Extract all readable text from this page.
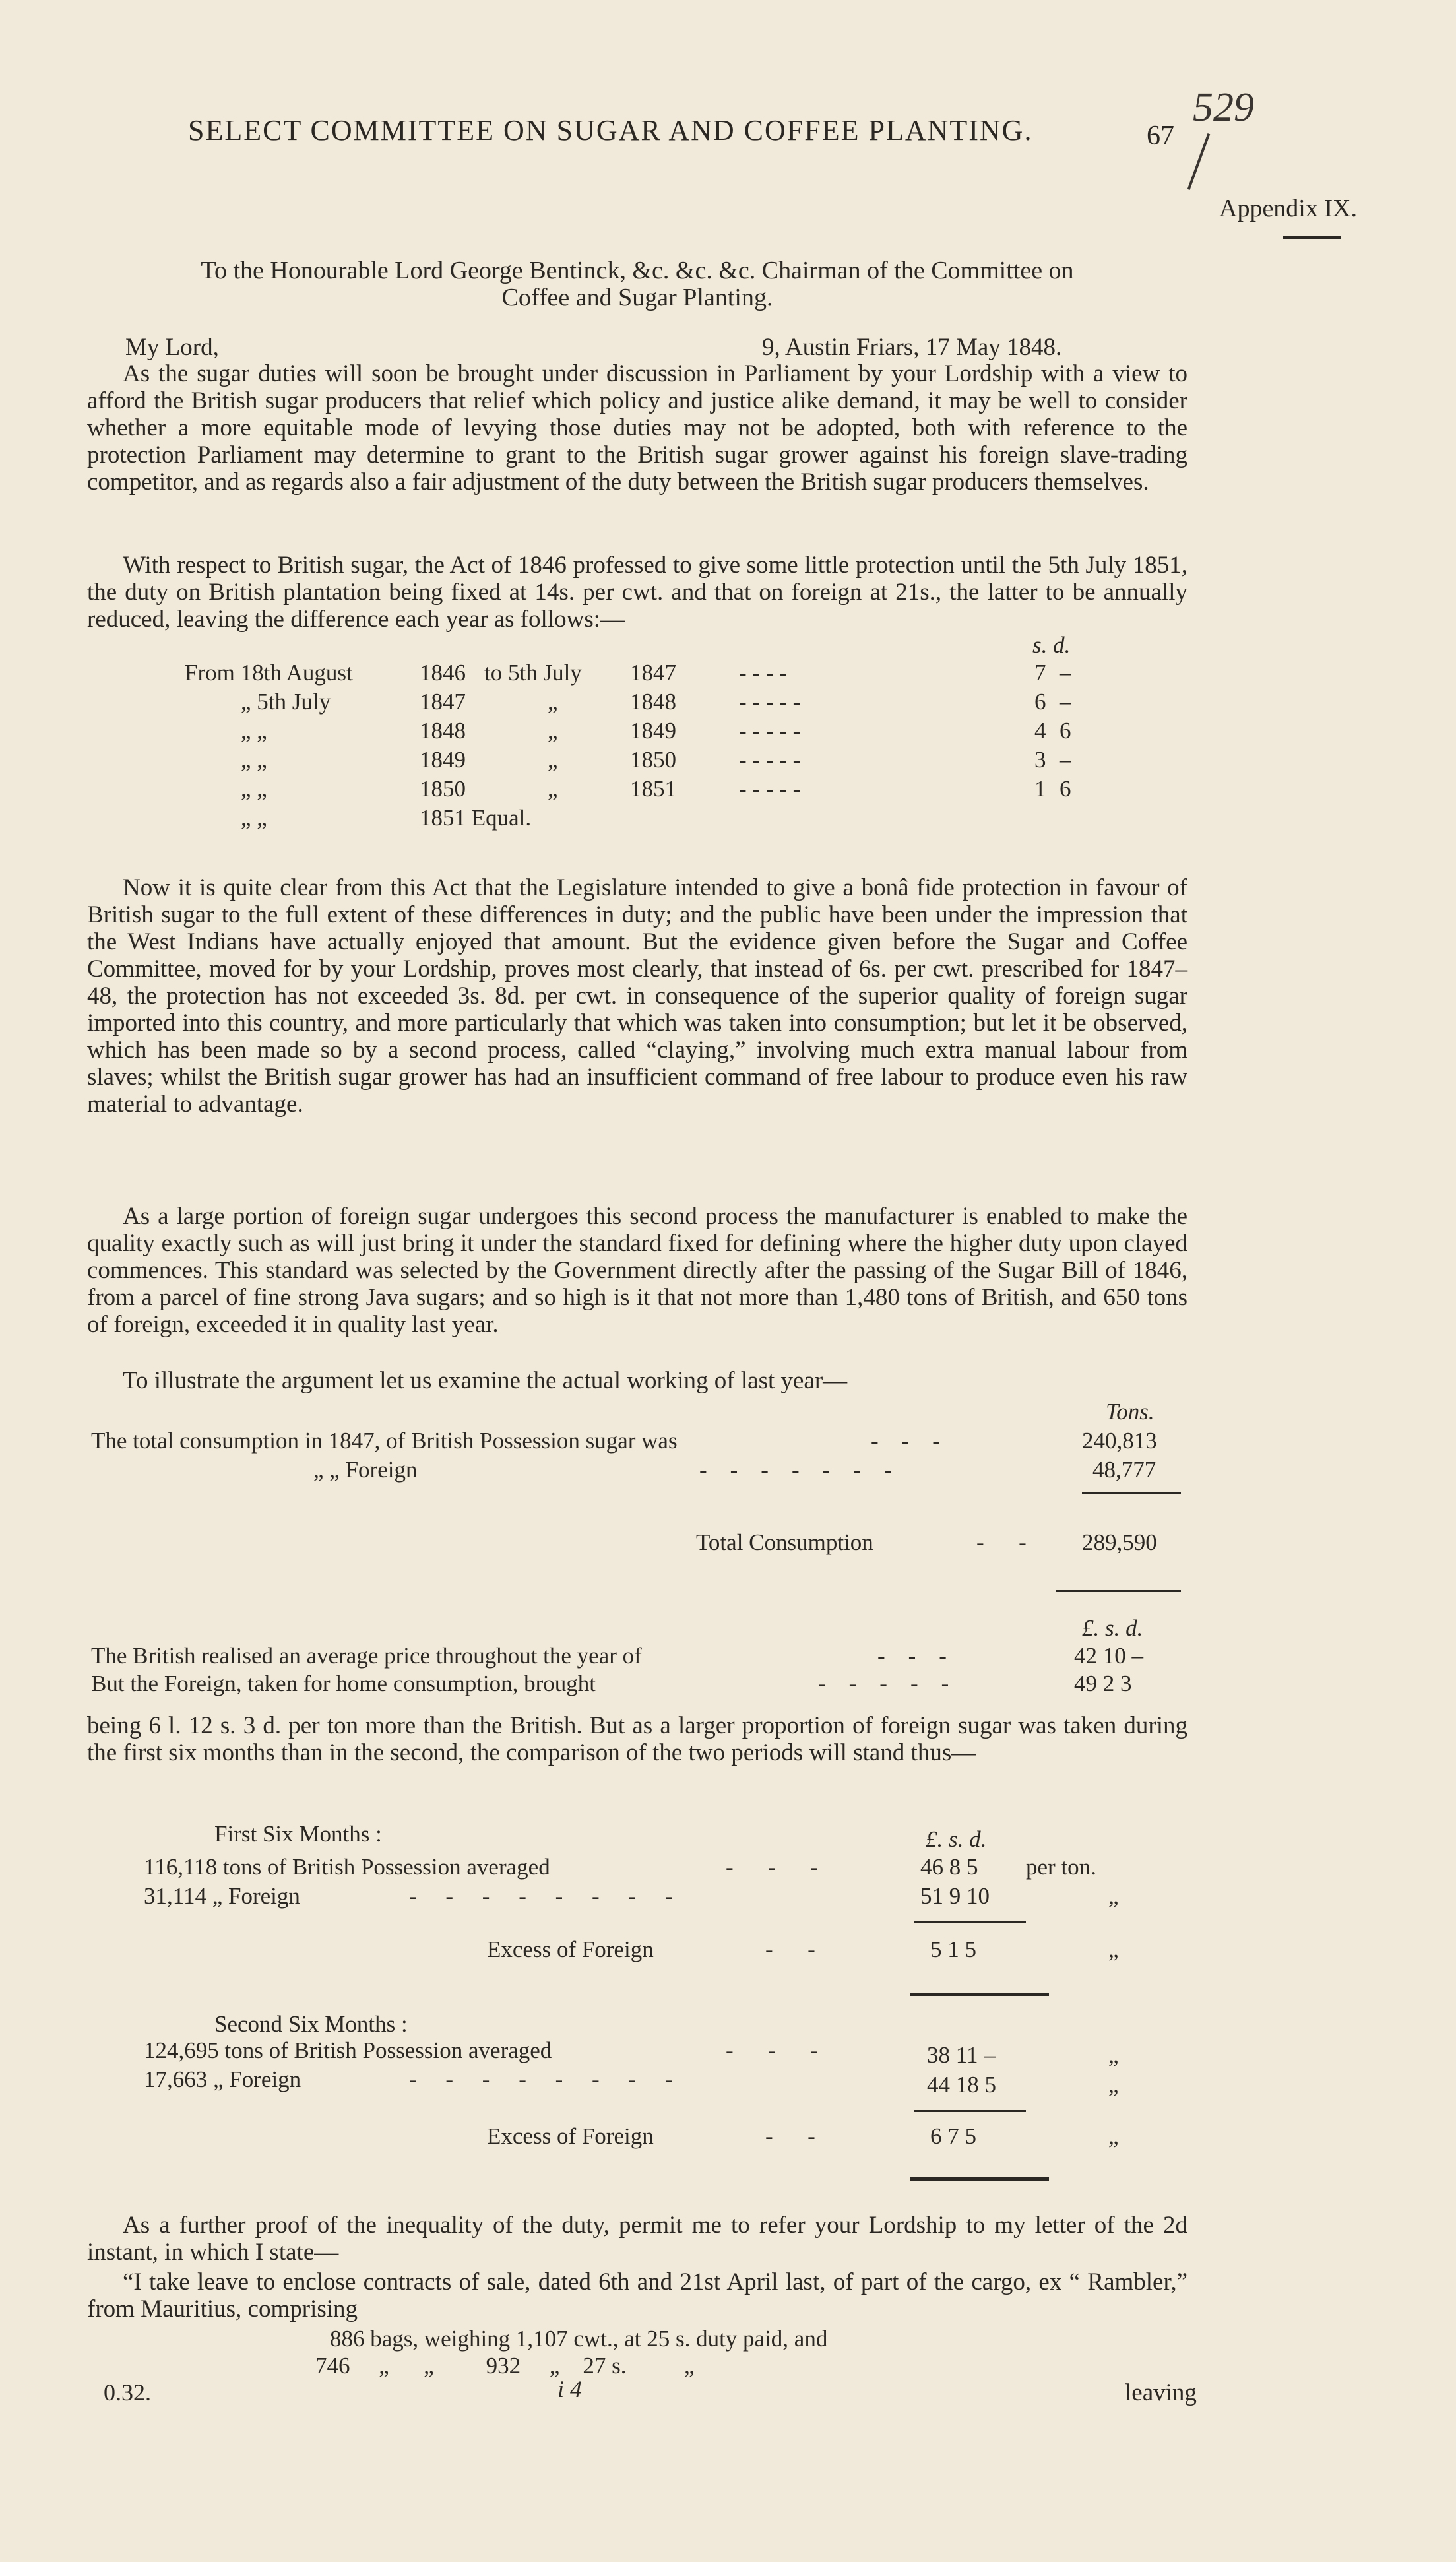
SELECT COMMITTEE ON SUGAR AND COFFEE PLANTING.	67
529
Appendix IX.

To the Honourable Lord George Bentinck, &c. &c. &c. Chairman of the Committee on

Coffee and Sugar Planting.

My Lord,	9, Austin Friars, 17 May 1848.

As the sugar duties will soon be brought under discussion in Parliament by your Lordship with a view to afford the British sugar producers that relief which policy and justice alike demand, it may be well to consider whether a more equitable mode of levying those duties may not be adopted, both with reference to the protection Parliament may determine to grant to the British sugar grower against his foreign slave-trading competitor, and as regards also a fair adjustment of the duty between the British sugar producers themselves.

With respect to British sugar, the Act of 1846 professed to give some little protection until the 5th July 1851, the duty on British plantation being fixed at 14s. per cwt. and that on foreign at 21s., the latter to be annually reduced, leaving the difference each year as follows:—

s. d.
From 18th August	1846 to 5th July 1847	- - - -	7 –
„ 5th July	1847	„	1848	- - - - -	6 –
„ „	1848	„	1849	- - - - -	4 6
„ „	1849	„	1850	- - - - -	3 –
„ „	1850	„	1851	- - - - -	1 6
„ „	1851 Equal.

Now it is quite clear from this Act that the Legislature intended to give a bonâ fide protection in favour of British sugar to the full extent of these differences in duty; and the public have been under the impression that the West Indians have actually enjoyed that amount. But the evidence given before the Sugar and Coffee Committee, moved for by your Lordship, proves most clearly, that instead of 6s. per cwt. prescribed for 1847–48, the protection has not exceeded 3s. 8d. per cwt. in consequence of the superior quality of foreign sugar imported into this country, and more particularly that which was taken into consumption; but let it be observed, which has been made so by a second process, called “claying,” involving much extra manual labour from slaves; whilst the British sugar grower has had an insufficient command of free labour to produce even his raw material to advantage.

As a large portion of foreign sugar undergoes this second process the manufacturer is enabled to make the quality exactly such as will just bring it under the standard fixed for defining where the higher duty upon clayed commences. This standard was selected by the Government directly after the passing of the Sugar Bill of 1846, from a parcel of fine strong Java sugars; and so high is it that not more than 1,480 tons of British, and 650 tons of foreign, exceeded it in quality last year.

To illustrate the argument let us examine the actual working of last year—

Tons.
The total consumption in 1847, of British Possession sugar was	-    -    -	240,813
„ „ Foreign	-    -    -    -    -    -    -	48,777
Total Consumption	-      - 289,590
£. s. d.
The British realised an average price throughout the year of	-    -    -	42 10 –
But the Foreign, taken for home consumption, brought	-    -    -    -    -	49 2 3

being 6 l. 12 s. 3 d. per ton more than the British. But as a larger proportion of foreign sugar was taken during the first six months than in the second, the comparison of the two periods will stand thus—

First Six Months :	£. s. d.
116,118 tons of British Possession averaged	-      -      -	46 8 5 per ton.
31,114 „ Foreign	-     -     -     -     -     -     -     -	51 9 10	„
Excess of Foreign	-      -	5 1 5	„
Second Six Months :
124,695 tons of British Possession averaged	-      -      -	38 11 –	„
17,663 „ Foreign	-     -     -     -     -     -     -     -	44 18 5	„
Excess of Foreign	-      -	6 7 5	„

As a further proof of the inequality of the duty, permit me to refer your Lordship to my letter of the 2d instant, in which I state—

“I take leave to enclose contracts of sale, dated 6th and 21st April last, of part of the cargo, ex “ Rambler,” from Mauritius, comprising

886 bags, weighing 1,107 cwt., at 25 s. duty paid, and
746     „      „         932     „    27 s.          „
0.32.	i 4	leaving
